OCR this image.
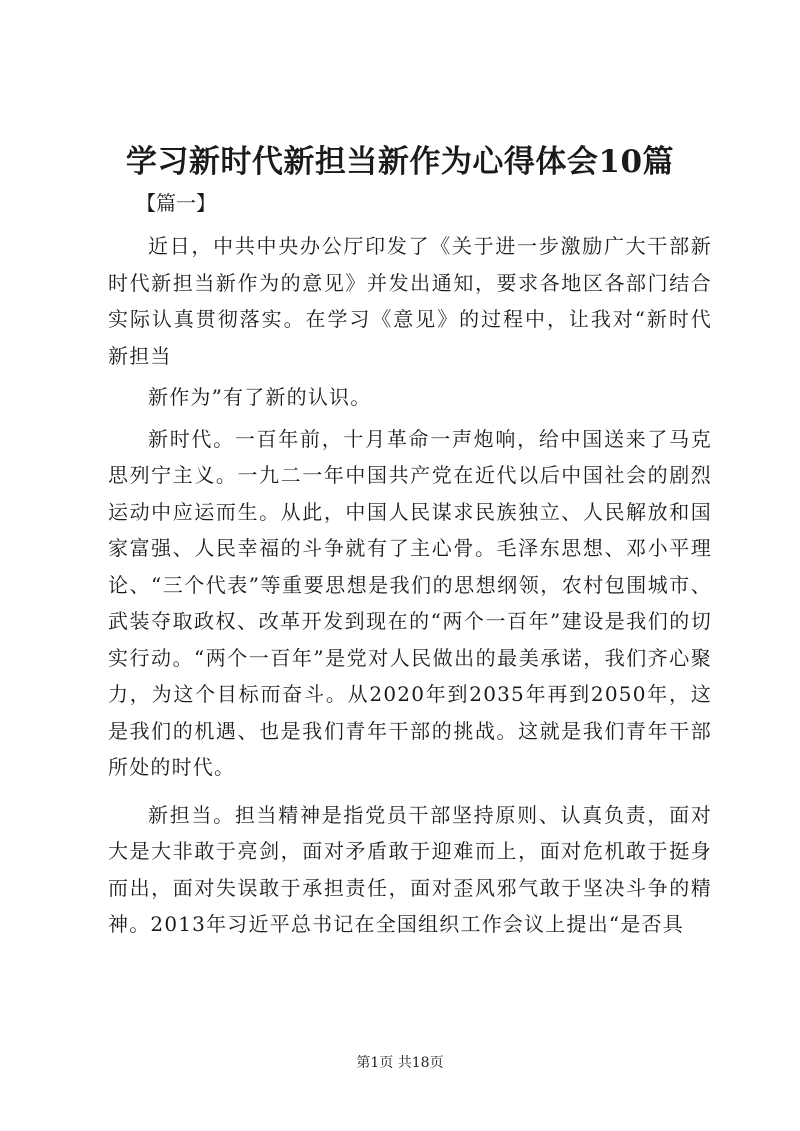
学习新时代新担当新作为心得体会10篇

【篇一】

近日，中共中央办公厅印发了《关于进一步激励广大干部新时代新担当新作为的意见》并发出通知，要求各地区各部门结合实际认真贯彻落实。在学习《意见》的过程中，让我对“新时代新担当

新作为”有了新的认识。

新时代。一百年前，十月革命一声炮响，给中国送来了马克思列宁主义。一九二一年中国共产党在近代以后中国社会的剧烈运动中应运而生。从此，中国人民谋求民族独立、人民解放和国家富强、人民幸福的斗争就有了主心骨。毛泽东思想、邓小平理论、“三个代表”等重要思想是我们的思想纲领，农村包围城市、武装夺取政权、改革开发到现在的“两个一百年”建设是我们的切实行动。“两个一百年”是党对人民做出的最美承诺，我们齐心聚力，为这个目标而奋斗。从2020年到2035年再到2050年，这是我们的机遇、也是我们青年干部的挑战。这就是我们青年干部所处的时代。

新担当。担当精神是指党员干部坚持原则、认真负责，面对大是大非敢于亮剑，面对矛盾敢于迎难而上，面对危机敢于挺身而出，面对失误敢于承担责任，面对歪风邪气敢于坚决斗争的精神。2013年习近平总书记在全国组织工作会议上提出“是否具

第1页 共18页
